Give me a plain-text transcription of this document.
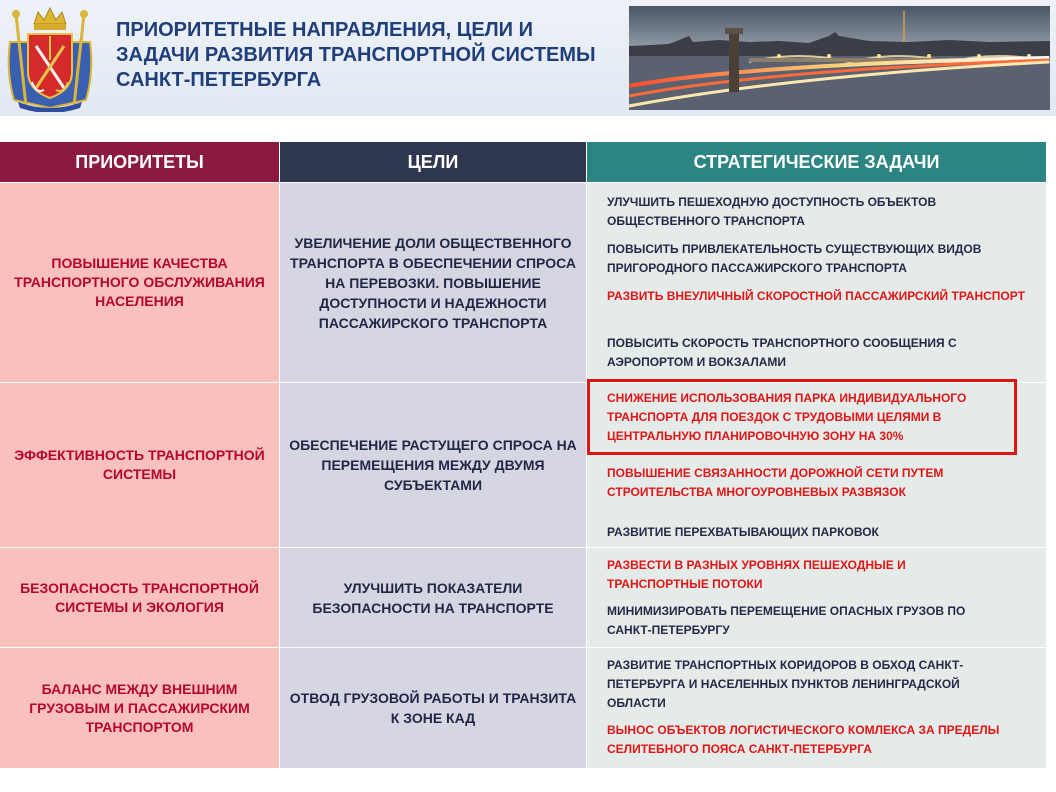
ПРИОРИТЕТНЫЕ НАПРАВЛЕНИЯ, ЦЕЛИ И ЗАДАЧИ РАЗВИТИЯ ТРАНСПОРТНОЙ СИСТЕМЫ САНКТ-ПЕТЕРБУРГА
ПРИОРИТЕТЫ	ЦЕЛИ	СТРАТЕГИЧЕСКИЕ ЗАДАЧИ
ПОВЫШЕНИЕ КАЧЕСТВА ТРАНСПОРТНОГО ОБСЛУЖИВАНИЯ НАСЕЛЕНИЯ
УВЕЛИЧЕНИЕ ДОЛИ ОБЩЕСТВЕННОГО ТРАНСПОРТА В ОБЕСПЕЧЕНИИ СПРОСА НА ПЕРЕВОЗКИ. ПОВЫШЕНИЕ ДОСТУПНОСТИ И НАДЕЖНОСТИ ПАССАЖИРСКОГО ТРАНСПОРТА
УЛУЧШИТЬ ПЕШЕХОДНУЮ ДОСТУПНОСТЬ ОБЪЕКТОВ ОБЩЕСТВЕННОГО ТРАНСПОРТА
ПОВЫСИТЬ ПРИВЛЕКАТЕЛЬНОСТЬ СУЩЕСТВУЮЩИХ ВИДОВ ПРИГОРОДНОГО ПАССАЖИРСКОГО ТРАНСПОРТА
РАЗВИТЬ ВНЕУЛИЧНЫЙ СКОРОСТНОЙ ПАССАЖИРСКИЙ ТРАНСПОРТ
ПОВЫСИТЬ СКОРОСТЬ ТРАНСПОРТНОГО СООБЩЕНИЯ С АЭРОПОРТОМ И ВОКЗАЛАМИ
ЭФФЕКТИВНОСТЬ ТРАНСПОРТНОЙ СИСТЕМЫ
ОБЕСПЕЧЕНИЕ РАСТУЩЕГО СПРОСА НА ПЕРЕМЕЩЕНИЯ МЕЖДУ ДВУМЯ СУБЪЕКТАМИ
СНИЖЕНИЕ ИСПОЛЬЗОВАНИЯ ПАРКА ИНДИВИДУАЛЬНОГО ТРАНСПОРТА ДЛЯ ПОЕЗДОК С ТРУДОВЫМИ ЦЕЛЯМИ В ЦЕНТРАЛЬНУЮ ПЛАНИРОВОЧНУЮ ЗОНУ НА 30%
ПОВЫШЕНИЕ СВЯЗАННОСТИ ДОРОЖНОЙ СЕТИ ПУТЕМ СТРОИТЕЛЬСТВА МНОГОУРОВНЕВЫХ РАЗВЯЗОК
РАЗВИТИЕ ПЕРЕХВАТЫВАЮЩИХ ПАРКОВОК
БЕЗОПАСНОСТЬ ТРАНСПОРТНОЙ СИСТЕМЫ И ЭКОЛОГИЯ
УЛУЧШИТЬ ПОКАЗАТЕЛИ БЕЗОПАСНОСТИ НА ТРАНСПОРТЕ
РАЗВЕСТИ В РАЗНЫХ УРОВНЯХ ПЕШЕХОДНЫЕ И ТРАНСПОРТНЫЕ ПОТОКИ
МИНИМИЗИРОВАТЬ ПЕРЕМЕЩЕНИЕ ОПАСНЫХ ГРУЗОВ ПО САНКТ-ПЕТЕРБУРГУ
БАЛАНС МЕЖДУ ВНЕШНИМ ГРУЗОВЫМ И ПАССАЖИРСКИМ ТРАНСПОРТОМ
ОТВОД ГРУЗОВОЙ РАБОТЫ И ТРАНЗИТА К ЗОНЕ КАД
РАЗВИТИЕ ТРАНСПОРТНЫХ КОРИДОРОВ В ОБХОД САНКТ-ПЕТЕРБУРГА И НАСЕЛЕННЫХ ПУНКТОВ ЛЕНИНГРАДСКОЙ ОБЛАСТИ
ВЫНОС ОБЪЕКТОВ ЛОГИСТИЧЕСКОГО КОМЛЕКСА ЗА ПРЕДЕЛЫ СЕЛИТЕБНОГО ПОЯСА САНКТ-ПЕТЕРБУРГА
